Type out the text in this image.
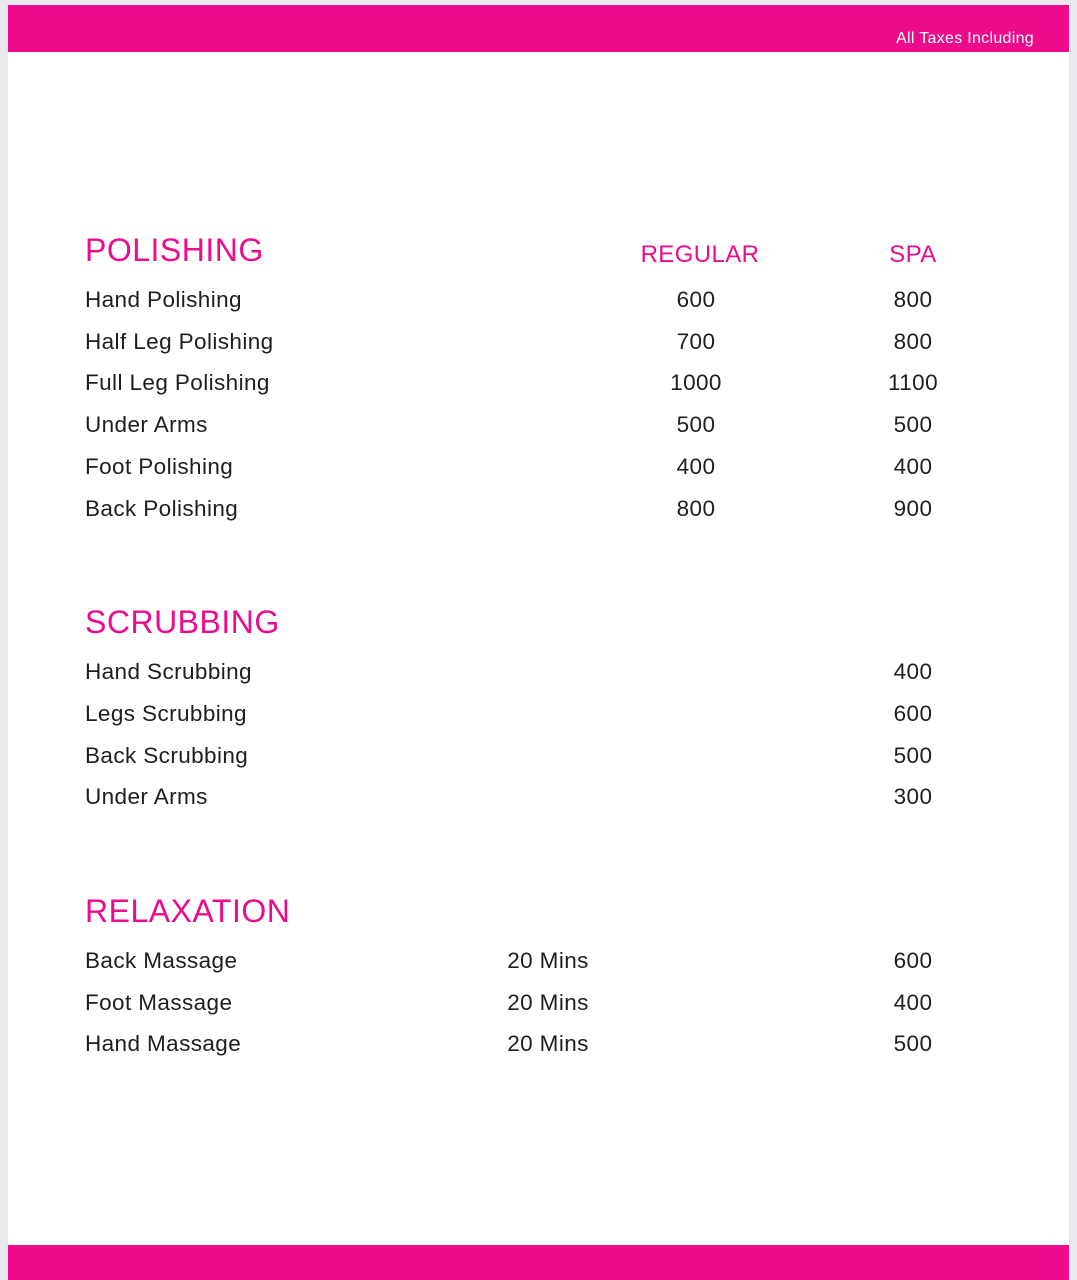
All Taxes Including
POLISHING	REGULAR	SPA
Hand Polishing	600	800
Half Leg Polishing	700	800
Full Leg Polishing	1000	1100
Under Arms	500	500
Foot Polishing	400	400
Back Polishing	800	900
SCRUBBING
Hand Scrubbing	400
Legs Scrubbing	600
Back Scrubbing	500
Under Arms	300
RELAXATION
Back Massage	20 Mins	600
Foot Massage	20 Mins	400
Hand Massage	20 Mins	500
